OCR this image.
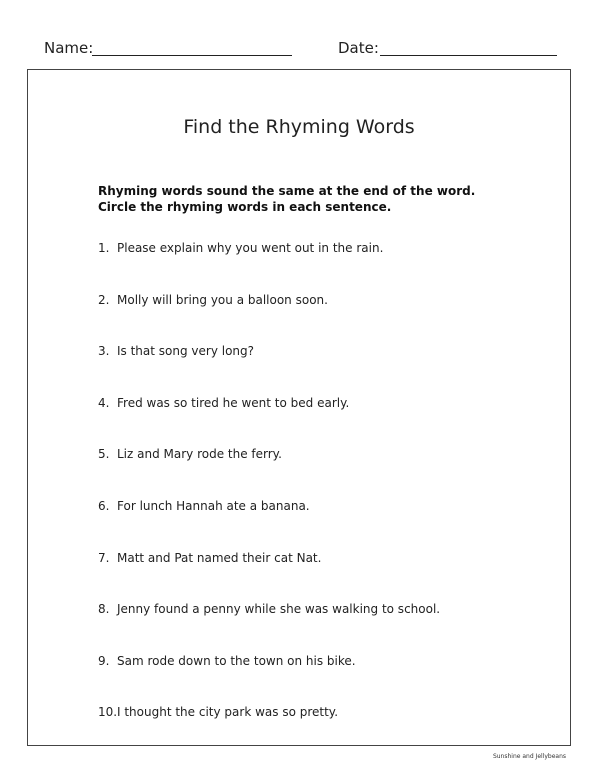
Name:	Date:
Find the Rhyming Words
Rhyming words sound the same at the end of the word. Circle the rhyming words in each sentence.
1. Please explain why you went out in the rain.
2. Molly will bring you a balloon soon.
3. Is that song very long?
4. Fred was so tired he went to bed early.
5. Liz and Mary rode the ferry.
6. For lunch Hannah ate a banana.
7. Matt and Pat named their cat Nat.
8. Jenny found a penny while she was walking to school.
9. Sam rode down to the town on his bike.
10.I thought the city park was so pretty.
Sunshine and Jellybeans
